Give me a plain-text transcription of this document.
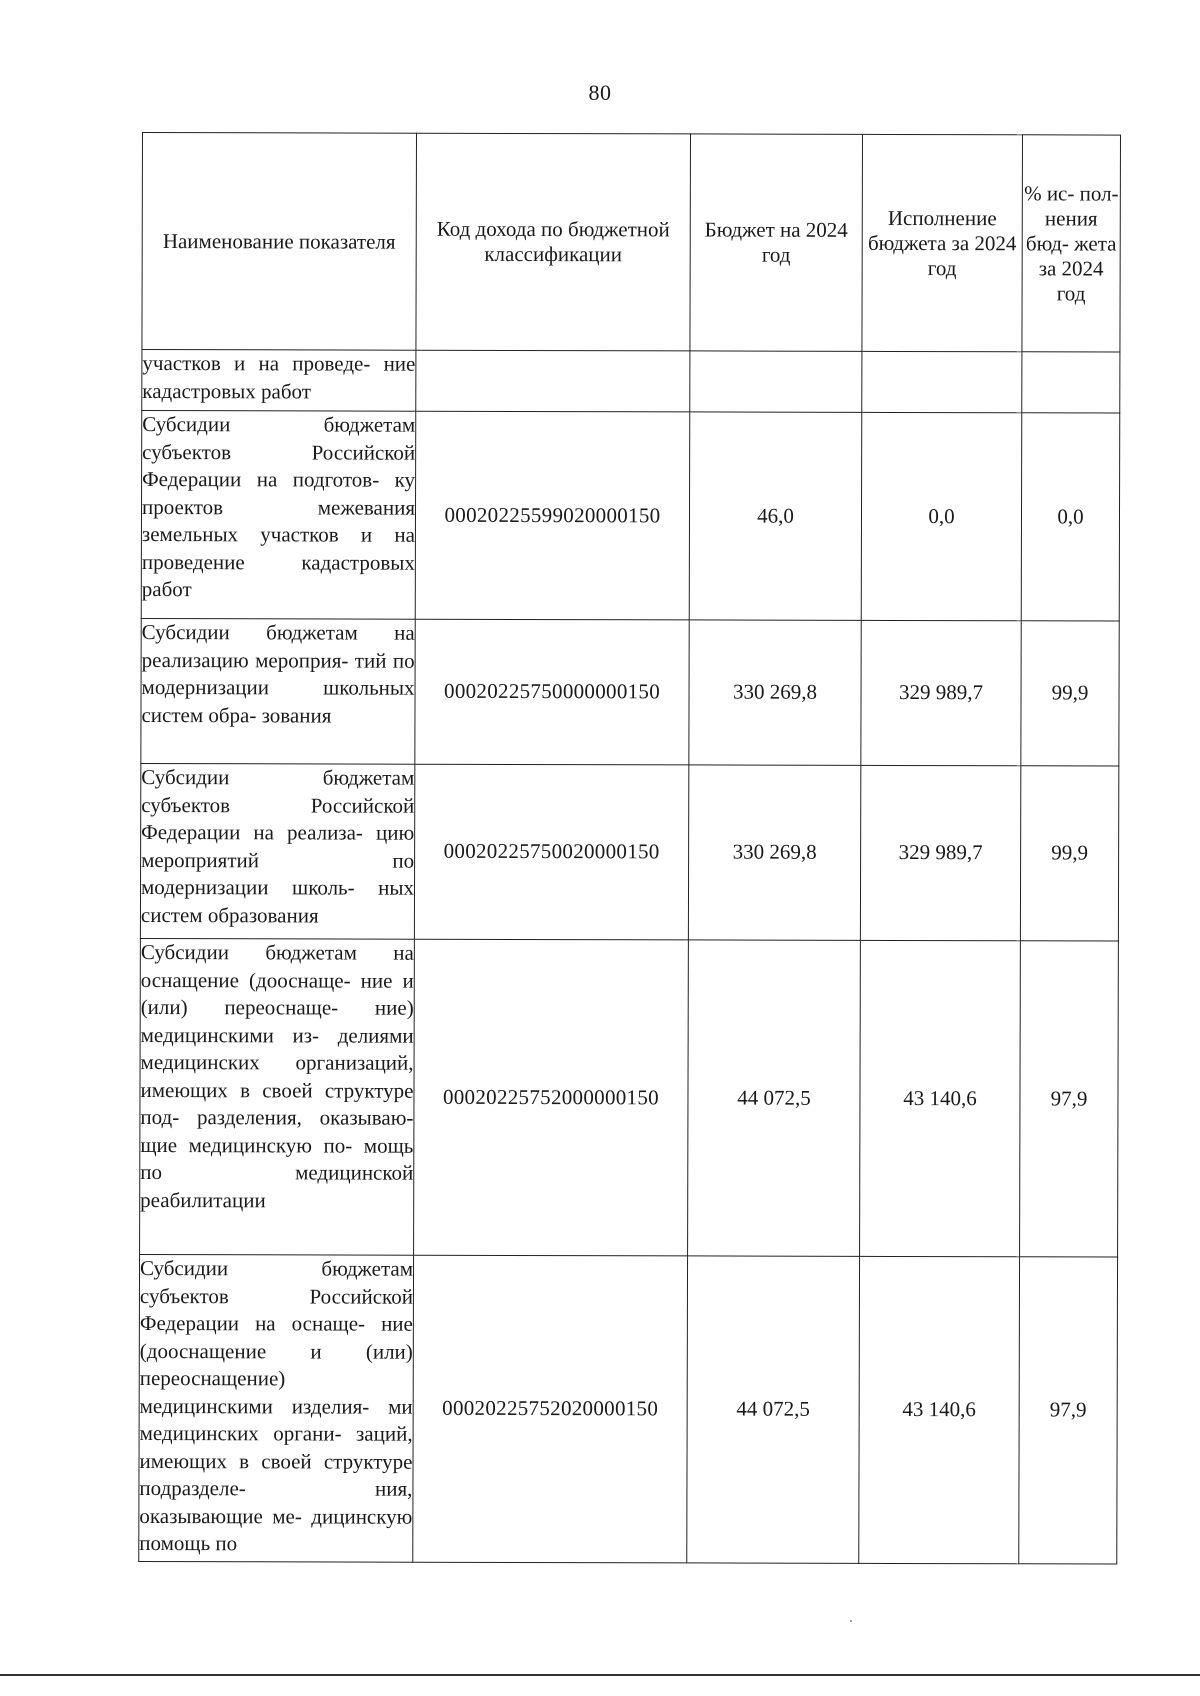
80
Наименование показателя	Код дохода по бюджетной классификации	Бюджет на 2024 год	Исполнение бюджета за 2024 год	% ис- пол- нения бюд- жета за 2024 год
участков и на проведе- ние кадастровых работ				
Субсидии бюджетам субъектов Российской Федерации на подготов- ку проектов межевания земельных участков и на проведение кадастровых работ	00020225599020000150	46,0	0,0	0,0
Субсидии бюджетам на реализацию мероприя- тий по модернизации школьных систем обра- зования	00020225750000000150	330 269,8	329 989,7	99,9
Субсидии бюджетам субъектов Российской Федерации на реализа- цию мероприятий по модернизации школь- ных систем образования	00020225750020000150	330 269,8	329 989,7	99,9
Субсидии бюджетам на оснащение (дооснаще- ние и (или) переоснаще- ние) медицинскими из- делиями медицинских организаций, имеющих в своей структуре под- разделения, оказываю- щие медицинскую по- мощь по медицинской реабилитации	00020225752000000150	44 072,5	43 140,6	97,9
Субсидии бюджетам субъектов Российской Федерации на оснаще- ние (дооснащение и (или) переоснащение) медицинскими изделия- ми медицинских органи- заций, имеющих в своей структуре подразделе- ния, оказывающие ме- дицинскую помощь по	00020225752020000150	44 072,5	43 140,6	97,9
